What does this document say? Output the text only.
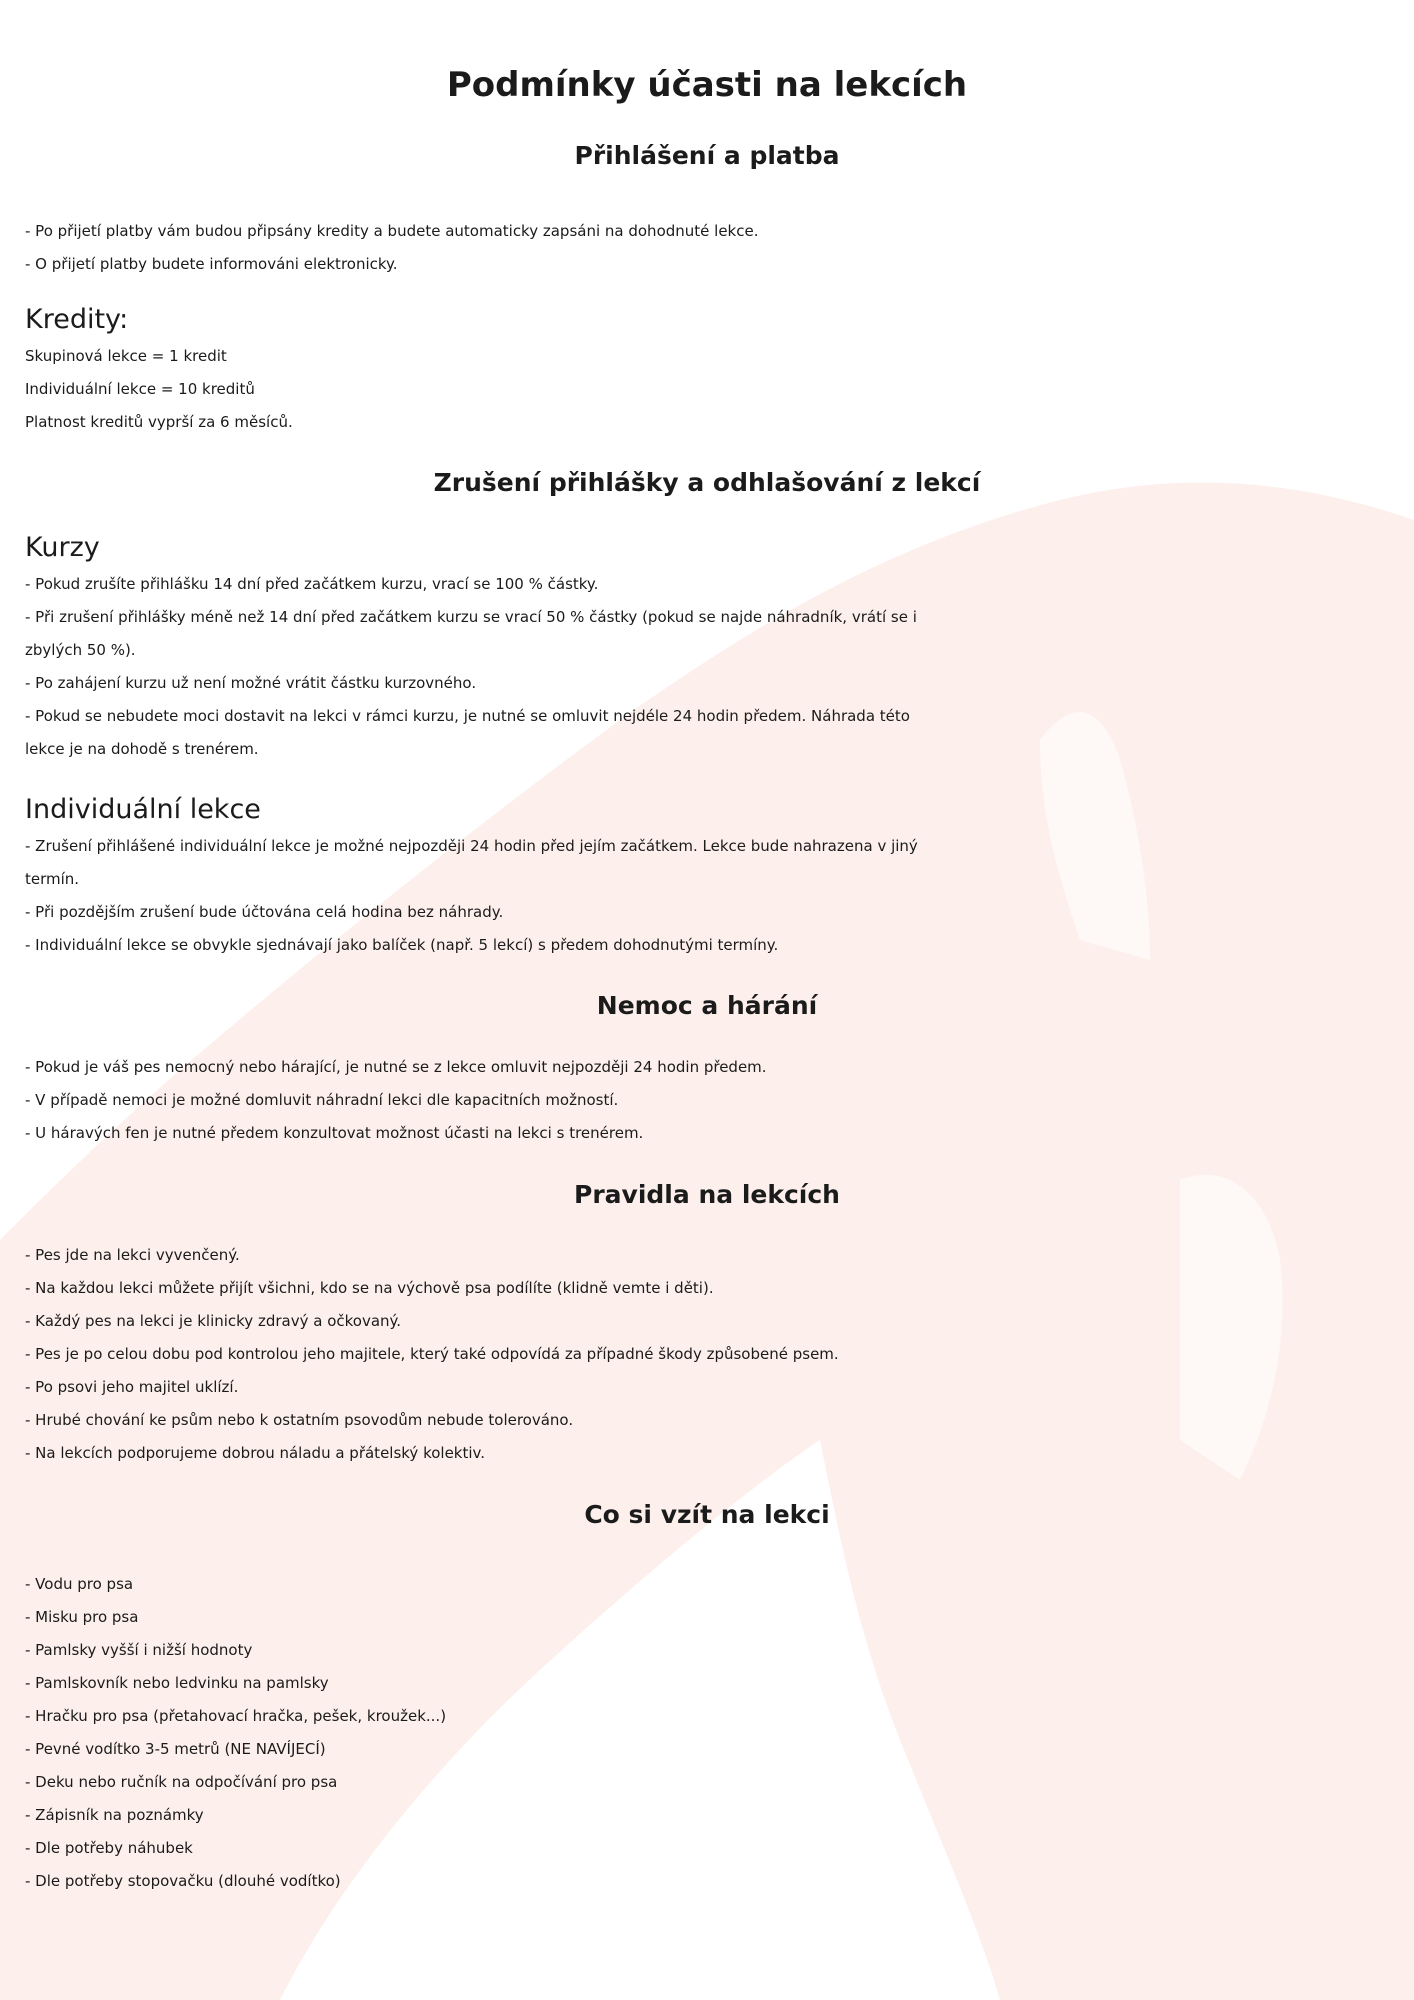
Podmínky účasti na lekcích
Přihlášení a platba
- Po přijetí platby vám budou připsány kredity a budete automaticky zapsáni na dohodnuté lekce.
- O přijetí platby budete informováni elektronicky.
Kredity:
Skupinová lekce = 1 kredit
Individuální lekce = 10 kreditů
Platnost kreditů vyprší za 6 měsíců.
Zrušení přihlášky a odhlašování z lekcí
Kurzy
- Pokud zrušíte přihlášku 14 dní před začátkem kurzu, vrací se 100 % částky.
- Při zrušení přihlášky méně než 14 dní před začátkem kurzu se vrací 50 % částky (pokud se najde náhradník, vrátí se i
zbylých 50 %).
- Po zahájení kurzu už není možné vrátit částku kurzovného.
- Pokud se nebudete moci dostavit na lekci v rámci kurzu, je nutné se omluvit nejdéle 24 hodin předem. Náhrada této
lekce je na dohodě s trenérem.
Individuální lekce
- Zrušení přihlášené individuální lekce je možné nejpozději 24 hodin před jejím začátkem. Lekce bude nahrazena v jiný
termín.
- Při pozdějším zrušení bude účtována celá hodina bez náhrady.
- Individuální lekce se obvykle sjednávají jako balíček (např. 5 lekcí) s předem dohodnutými termíny.
Nemoc a hárání
- Pokud je váš pes nemocný nebo hárající, je nutné se z lekce omluvit nejpozději 24 hodin předem.
- V případě nemoci je možné domluvit náhradní lekci dle kapacitních možností.
- U háravých fen je nutné předem konzultovat možnost účasti na lekci s trenérem.
Pravidla na lekcích
- Pes jde na lekci vyvenčený.
- Na každou lekci můžete přijít všichni, kdo se na výchově psa podílíte (klidně vemte i děti).
- Každý pes na lekci je klinicky zdravý a očkovaný.
- Pes je po celou dobu pod kontrolou jeho majitele, který také odpovídá za případné škody způsobené psem.
- Po psovi jeho majitel uklízí.
- Hrubé chování ke psům nebo k ostatním psovodům nebude tolerováno.
- Na lekcích podporujeme dobrou náladu a přátelský kolektiv.
Co si vzít na lekci
- Vodu pro psa
- Misku pro psa
- Pamlsky vyšší i nižší hodnoty
- Pamlskovník nebo ledvinku na pamlsky
- Hračku pro psa (přetahovací hračka, pešek, kroužek...)
- Pevné vodítko 3-5 metrů (NE NAVÍJECÍ)
- Deku nebo ručník na odpočívání pro psa
- Zápisník na poznámky
- Dle potřeby náhubek
- Dle potřeby stopovačku (dlouhé vodítko)
